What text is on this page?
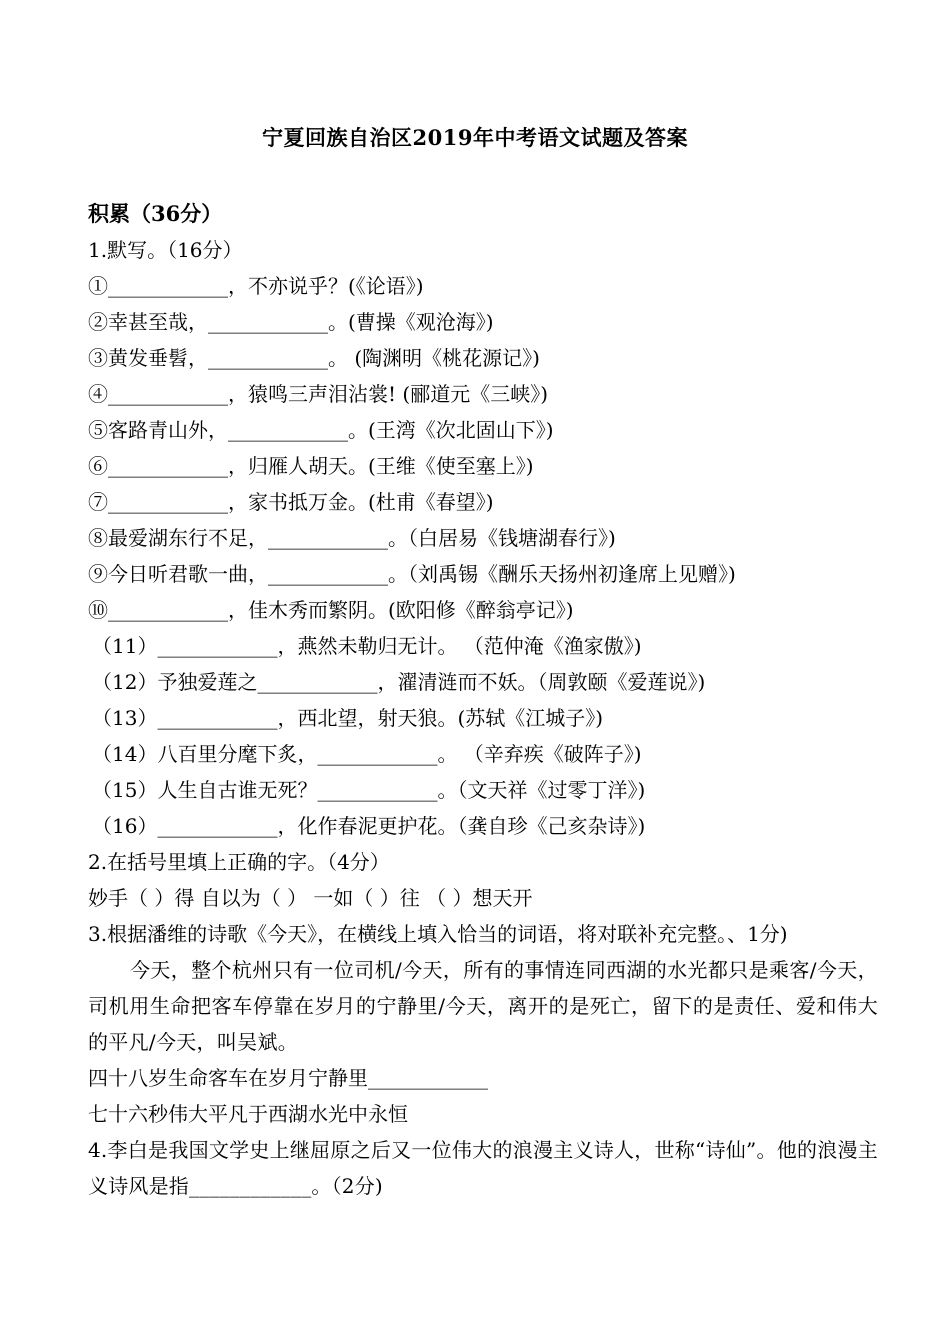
宁夏回族自治区2019年中考语文试题及答案
积累（36分）
1.默写。（16分）
①____________，不亦说乎？(《论语》)
②幸甚至哉，____________。(曹操《观沧海》)
③黄发垂髫，____________。 (陶渊明《桃花源记》)
④____________，猿鸣三声泪沾裳! (郦道元《三峡》)
⑤客路青山外，____________。(王湾《次北固山下》)
⑥____________，归雁人胡天。(王维《使至塞上》)
⑦____________，家书抵万金。(杜甫《春望》)
⑧最爱湖东行不足，____________。（白居易《钱塘湖春行》)
⑨今日听君歌一曲，____________。（刘禹锡《酬乐天扬州初逢席上见赠》)
⑩____________，佳木秀而繁阴。(欧阳修《醉翁亭记》)
（11）____________，燕然未勒归无计。 （范仲淹《渔家傲》)
（12）予独爱莲之____________，濯清涟而不妖。（周敦颐《爱莲说》)
（13）____________，西北望，射天狼。(苏轼《江城子》)
（14）八百里分麾下炙，____________。 （辛弃疾《破阵子》)
（15）人生自古谁无死？____________。（文天祥《过零丁洋》)
（16）____________，化作春泥更护花。（龚自珍《己亥杂诗》)
2.在括号里填上正确的字。（4分）
妙手（ ）得 自以为（ ） 一如（ ）往 （ ）想天开
3.根据潘维的诗歌《今天》，在横线上填入恰当的词语，将对联补充完整。、1分)
今天，整个杭州只有一位司机/今天，所有的事情连同西湖的水光都只是乘客/今天，司机用生命把客车停靠在岁月的宁静里/今天，离开的是死亡，留下的是责任、爱和伟大的平凡/今天，叫吴斌。
四十八岁生命客车在岁月宁静里____________
七十六秒伟大平凡于西湖水光中永恒
4.李白是我国文学史上继屈原之后又一位伟大的浪漫主义诗人，世称“诗仙”。他的浪漫主义诗风是指____________。（2分)
